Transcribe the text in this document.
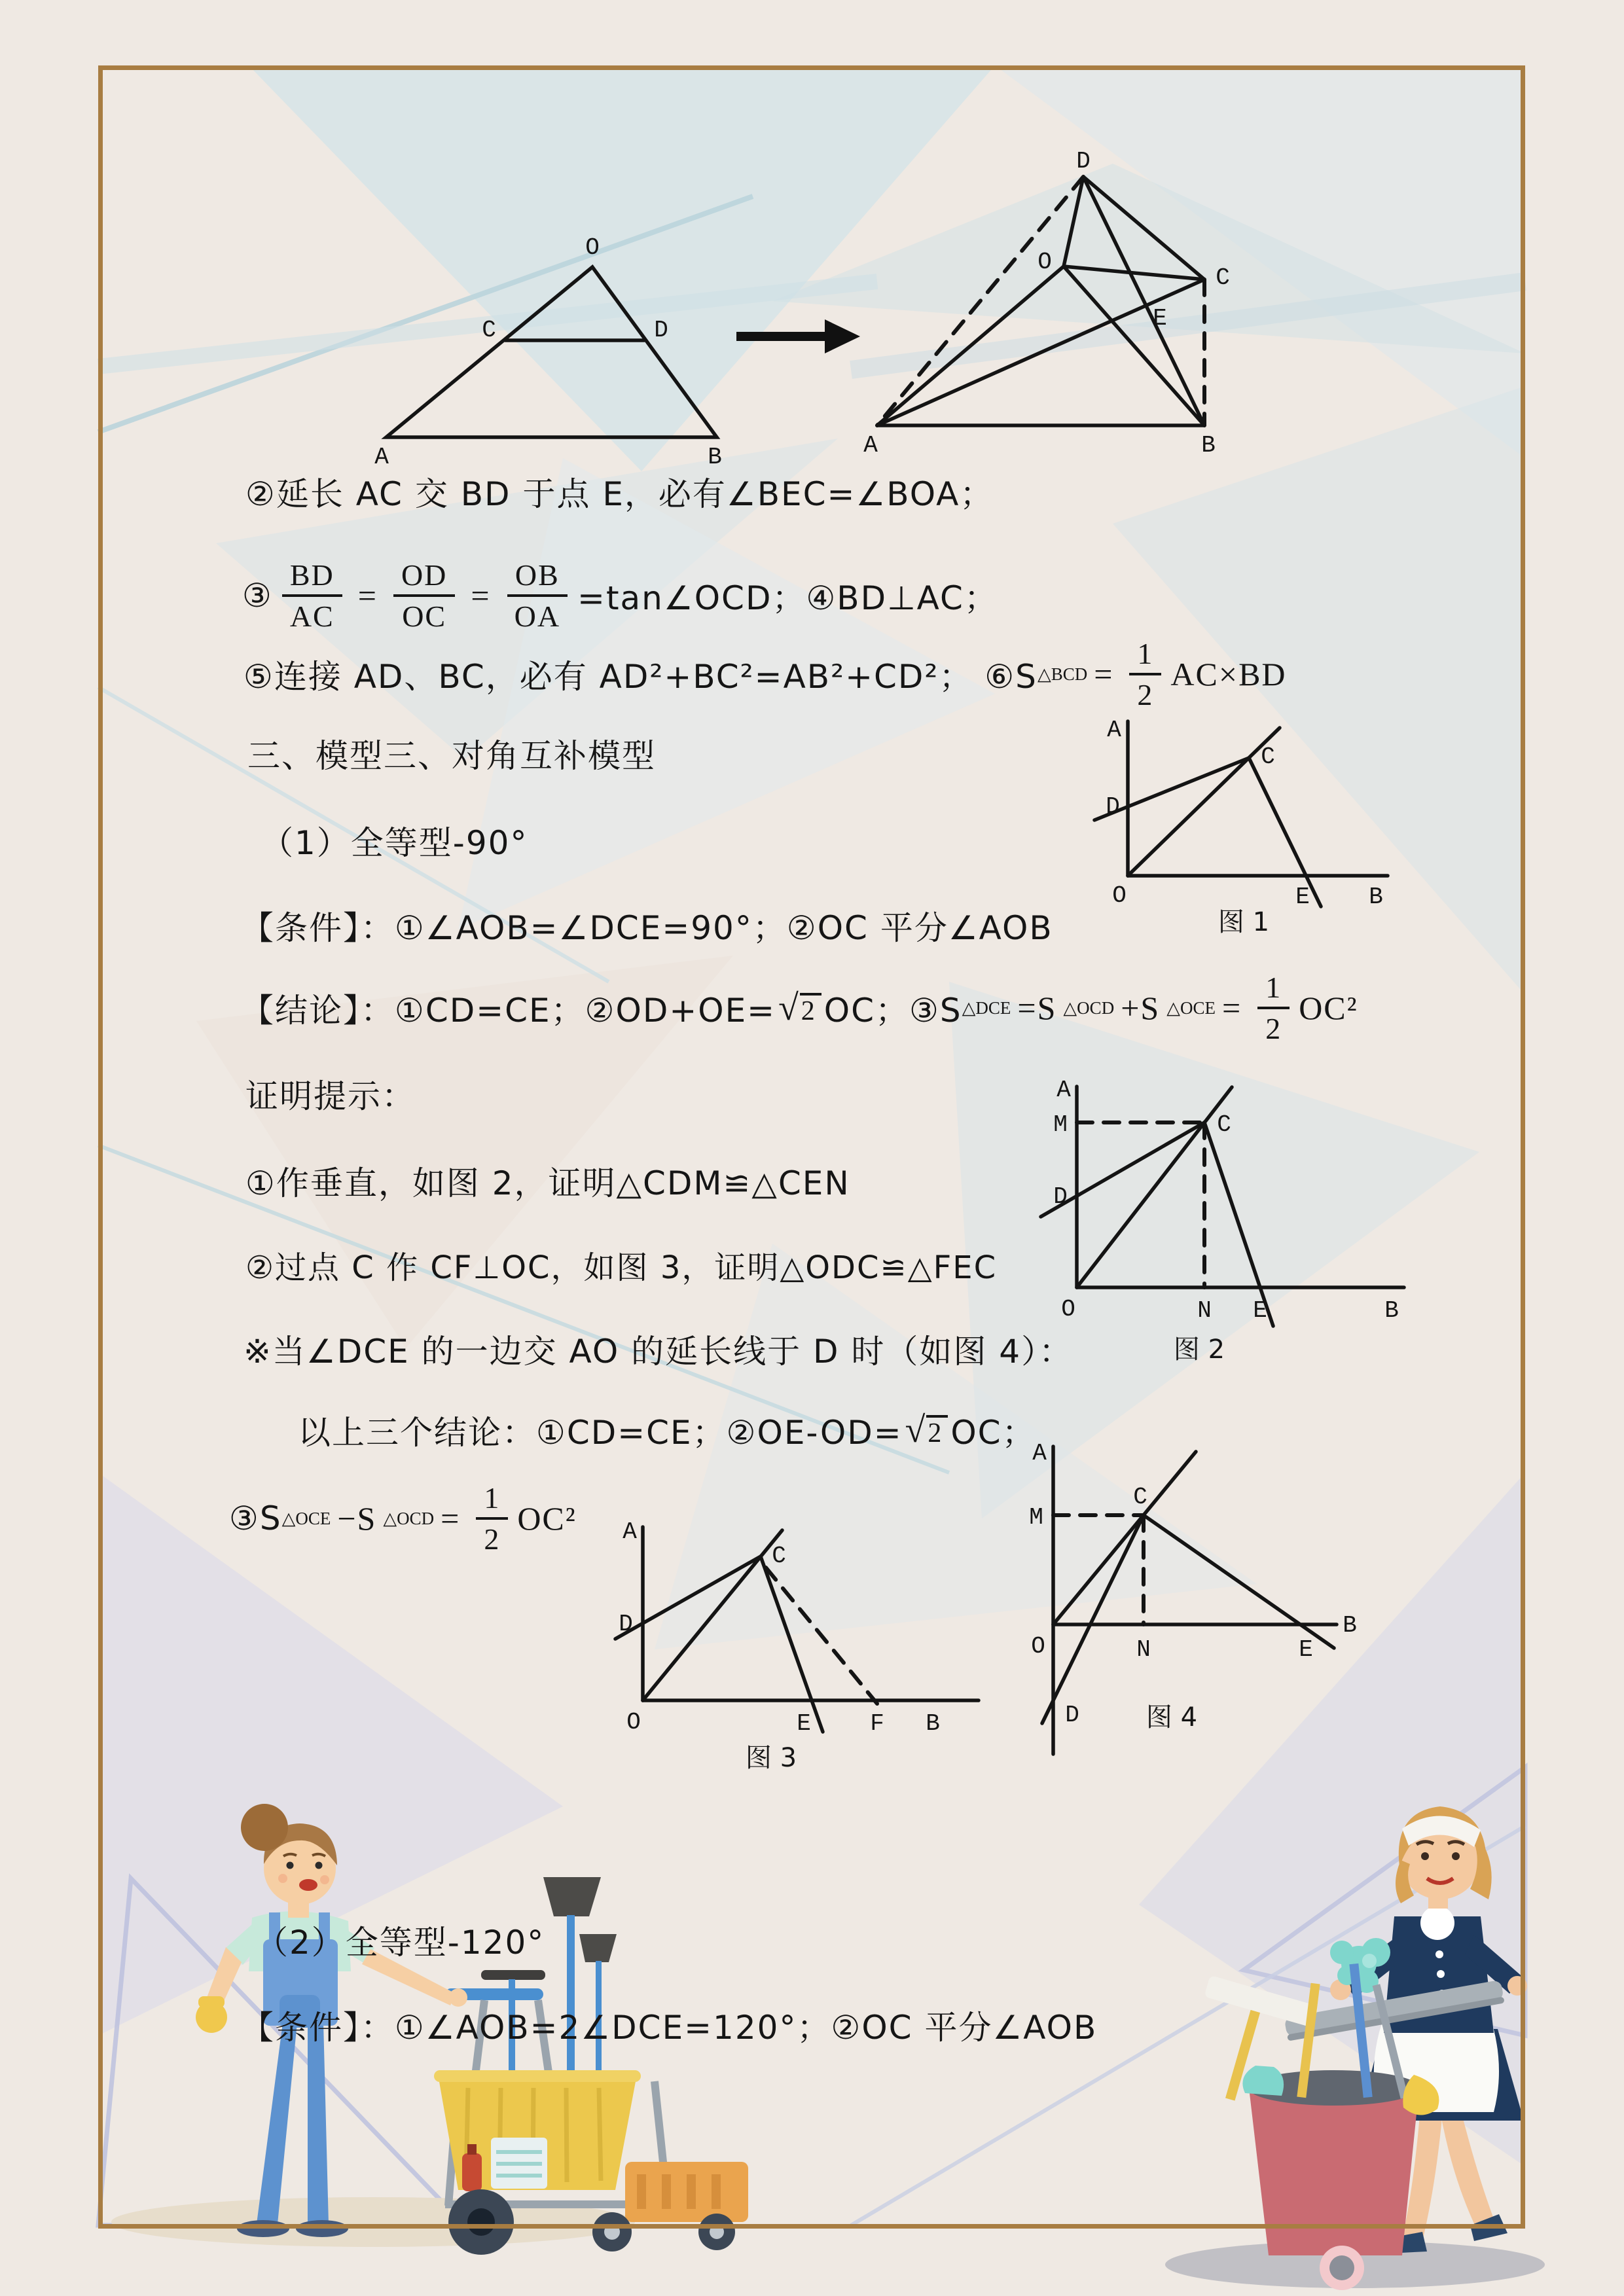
O
A	B
C	D
D
O
C
E
A	B
②延长 AC 交 BD 于点 E，必有∠BEC=∠BOA；
③ $\frac{BD}{AC} = \frac{OD}{OC} = \frac{OB}{OA}$ =tan∠OCD；④BD⊥AC；
⑤连接 AD、BC，必有 AD²+BC²=AB²+CD²； ⑥S △BCD = $\frac{1}{2} AC\times BD$
三、模型三、对角互补模型
（1）全等型-90°
【条件】：①∠AOB=∠DCE=90°；②OC 平分∠AOB
【结论】：①CD=CE；②OD+OE= √ 2 OC；③S △DCE =S △OCD +S △OCE = $\frac{1}{2} OC^2$
证明提示：
①作垂直，如图 2，证明△CDM≌△CEN
②过点 C 作 CF⊥OC，如图 3，证明△ODC≌△FEC
※当∠DCE 的一边交 AO 的延长线于 D 时（如图 4）：
以上三个结论：①CD=CE；②OE-OD= √ 2 OC；
③S △OCE −S △OCD = $\frac{1}{2} OC^2$
A
D
O	E	B
C
图 1
A
M
D
O	N E	B
C
图 2
A
D
O	E	F B
C
图 3
A
M
O	N
B
E
C
D	图 4
（2）全等型-120°
【条件】：①∠AOB=2∠DCE=120°；②OC 平分∠AOB
